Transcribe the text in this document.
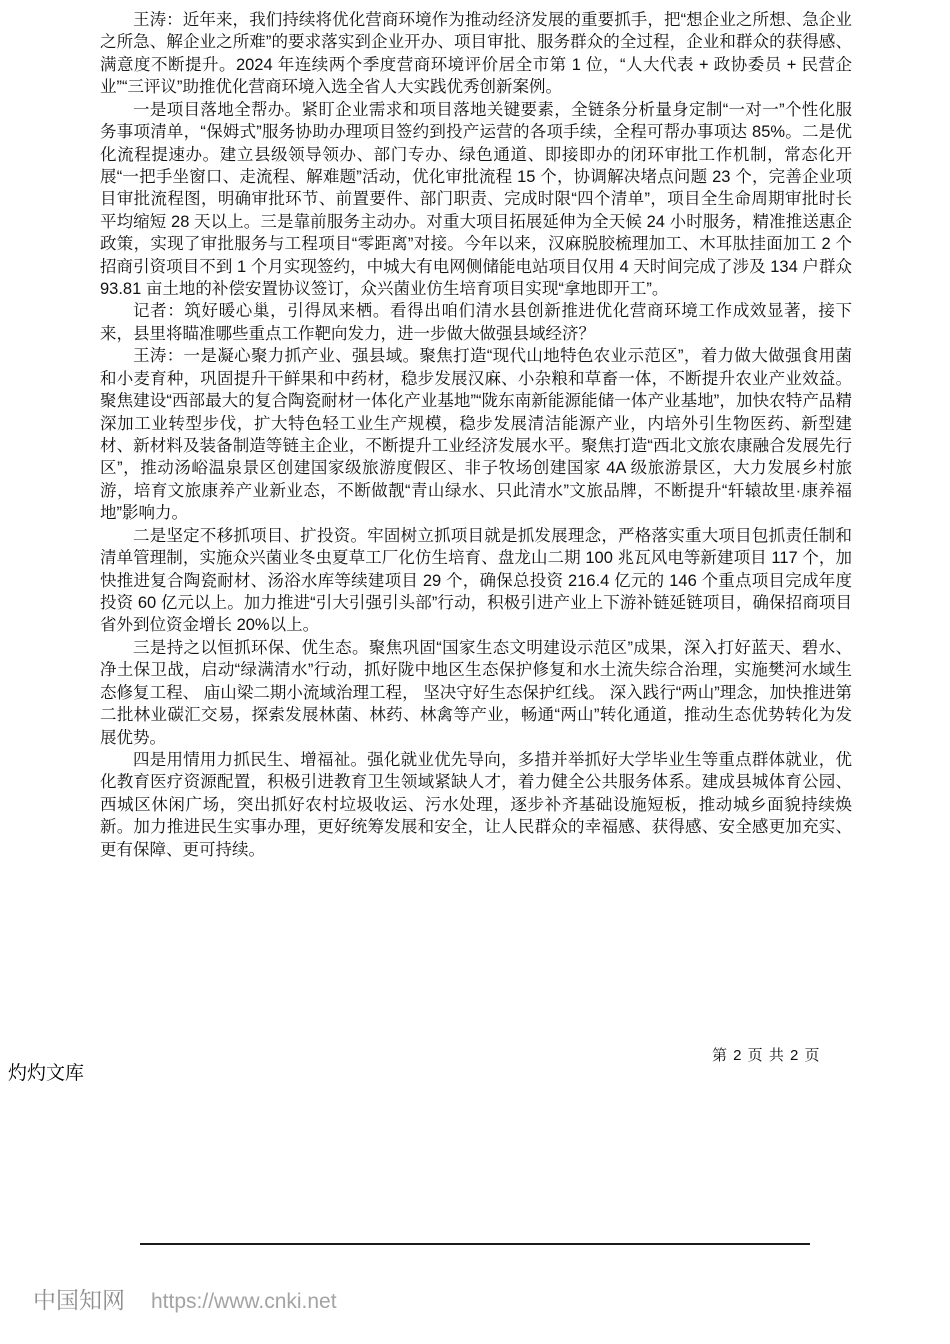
王涛：近年来，我们持续将优化营商环境作为推动经济发展的重要抓手，把“想企业之所想、急企业之所急、解企业之所难”的要求落实到企业开办、项目审批、服务群众的全过程，企业和群众的获得感、满意度不断提升。2024 年连续两个季度营商环境评价居全市第 1 位，“人大代表 + 政协委员 + 民营企业”“三评议”助推优化营商环境入选全省人大实践优秀创新案例。

一是项目落地全帮办。紧盯企业需求和项目落地关键要素，全链条分析量身定制“一对一”个性化服务事项清单，“保姆式”服务协助办理项目签约到投产运营的各项手续，全程可帮办事项达 85%。二是优化流程提速办。建立县级领导领办、部门专办、绿色通道、即接即办的闭环审批工作机制，常态化开展“一把手坐窗口、走流程、解难题”活动，优化审批流程 15 个，协调解决堵点问题 23 个，完善企业项目审批流程图，明确审批环节、前置要件、部门职责、完成时限“四个清单”，项目全生命周期审批时长平均缩短 28 天以上。三是靠前服务主动办。对重大项目拓展延伸为全天候 24 小时服务，精准推送惠企政策，实现了审批服务与工程项目“零距离”对接。今年以来，汉麻脱胶梳理加工、木耳肽挂面加工 2 个招商引资项目不到 1 个月实现签约，中城大有电网侧储能电站项目仅用 4 天时间完成了涉及 134 户群众 93.81 亩土地的补偿安置协议签订，众兴菌业仿生培育项目实现“拿地即开工”。

记者：筑好暖心巢，引得凤来栖。看得出咱们清水县创新推进优化营商环境工作成效显著，接下来，县里将瞄准哪些重点工作靶向发力，进一步做大做强县域经济？

王涛：一是凝心聚力抓产业、强县域。聚焦打造“现代山地特色农业示范区”，着力做大做强食用菌和小麦育种，巩固提升干鲜果和中药材，稳步发展汉麻、小杂粮和草畜一体，不断提升农业产业效益。聚焦建设“西部最大的复合陶瓷耐材一体化产业基地”“陇东南新能源能储一体产业基地”，加快农特产品精深加工业转型步伐，扩大特色轻工业生产规模，稳步发展清洁能源产业，内培外引生物医药、新型建材、新材料及装备制造等链主企业，不断提升工业经济发展水平。聚焦打造“西北文旅农康融合发展先行区”，推动汤峪温泉景区创建国家级旅游度假区、非子牧场创建国家 4A 级旅游景区，大力发展乡村旅游，培育文旅康养产业新业态，不断做靓“青山绿水、只此清水”文旅品牌，不断提升“轩辕故里·康养福地”影响力。

二是坚定不移抓项目、扩投资。牢固树立抓项目就是抓发展理念，严格落实重大项目包抓责任制和清单管理制，实施众兴菌业冬虫夏草工厂化仿生培育、盘龙山二期 100 兆瓦风电等新建项目 117 个，加快推进复合陶瓷耐材、汤浴水库等续建项目 29 个，确保总投资 216.4 亿元的 146 个重点项目完成年度投资 60 亿元以上。加力推进“引大引强引头部”行动，积极引进产业上下游补链延链项目，确保招商项目省外到位资金增长 20%以上。

三是持之以恒抓环保、优生态。聚焦巩固“国家生态文明建设示范区”成果，深入打好蓝天、碧水、净土保卫战，启动“绿满清水”行动，抓好陇中地区生态保护修复和水土流失综合治理，实施樊河水域生态修复工程、 庙山梁二期小流域治理工程， 坚决守好生态保护红线。 深入践行“两山”理念，加快推进第二批林业碳汇交易，探索发展林菌、林药、林禽等产业，畅通“两山”转化通道，推动生态优势转化为发展优势。

四是用情用力抓民生、增福祉。强化就业优先导向，多措并举抓好大学毕业生等重点群体就业，优化教育医疗资源配置，积极引进教育卫生领域紧缺人才，着力健全公共服务体系。建成县城体育公园、西城区休闲广场，突出抓好农村垃圾收运、污水处理，逐步补齐基础设施短板，推动城乡面貌持续焕新。加力推进民生实事办理，更好统筹发展和安全，让人民群众的幸福感、获得感、安全感更加充实、更有保障、更可持续。

第 2 页 共 2 页
灼灼文库
中国知网 https://www.cnki.net
